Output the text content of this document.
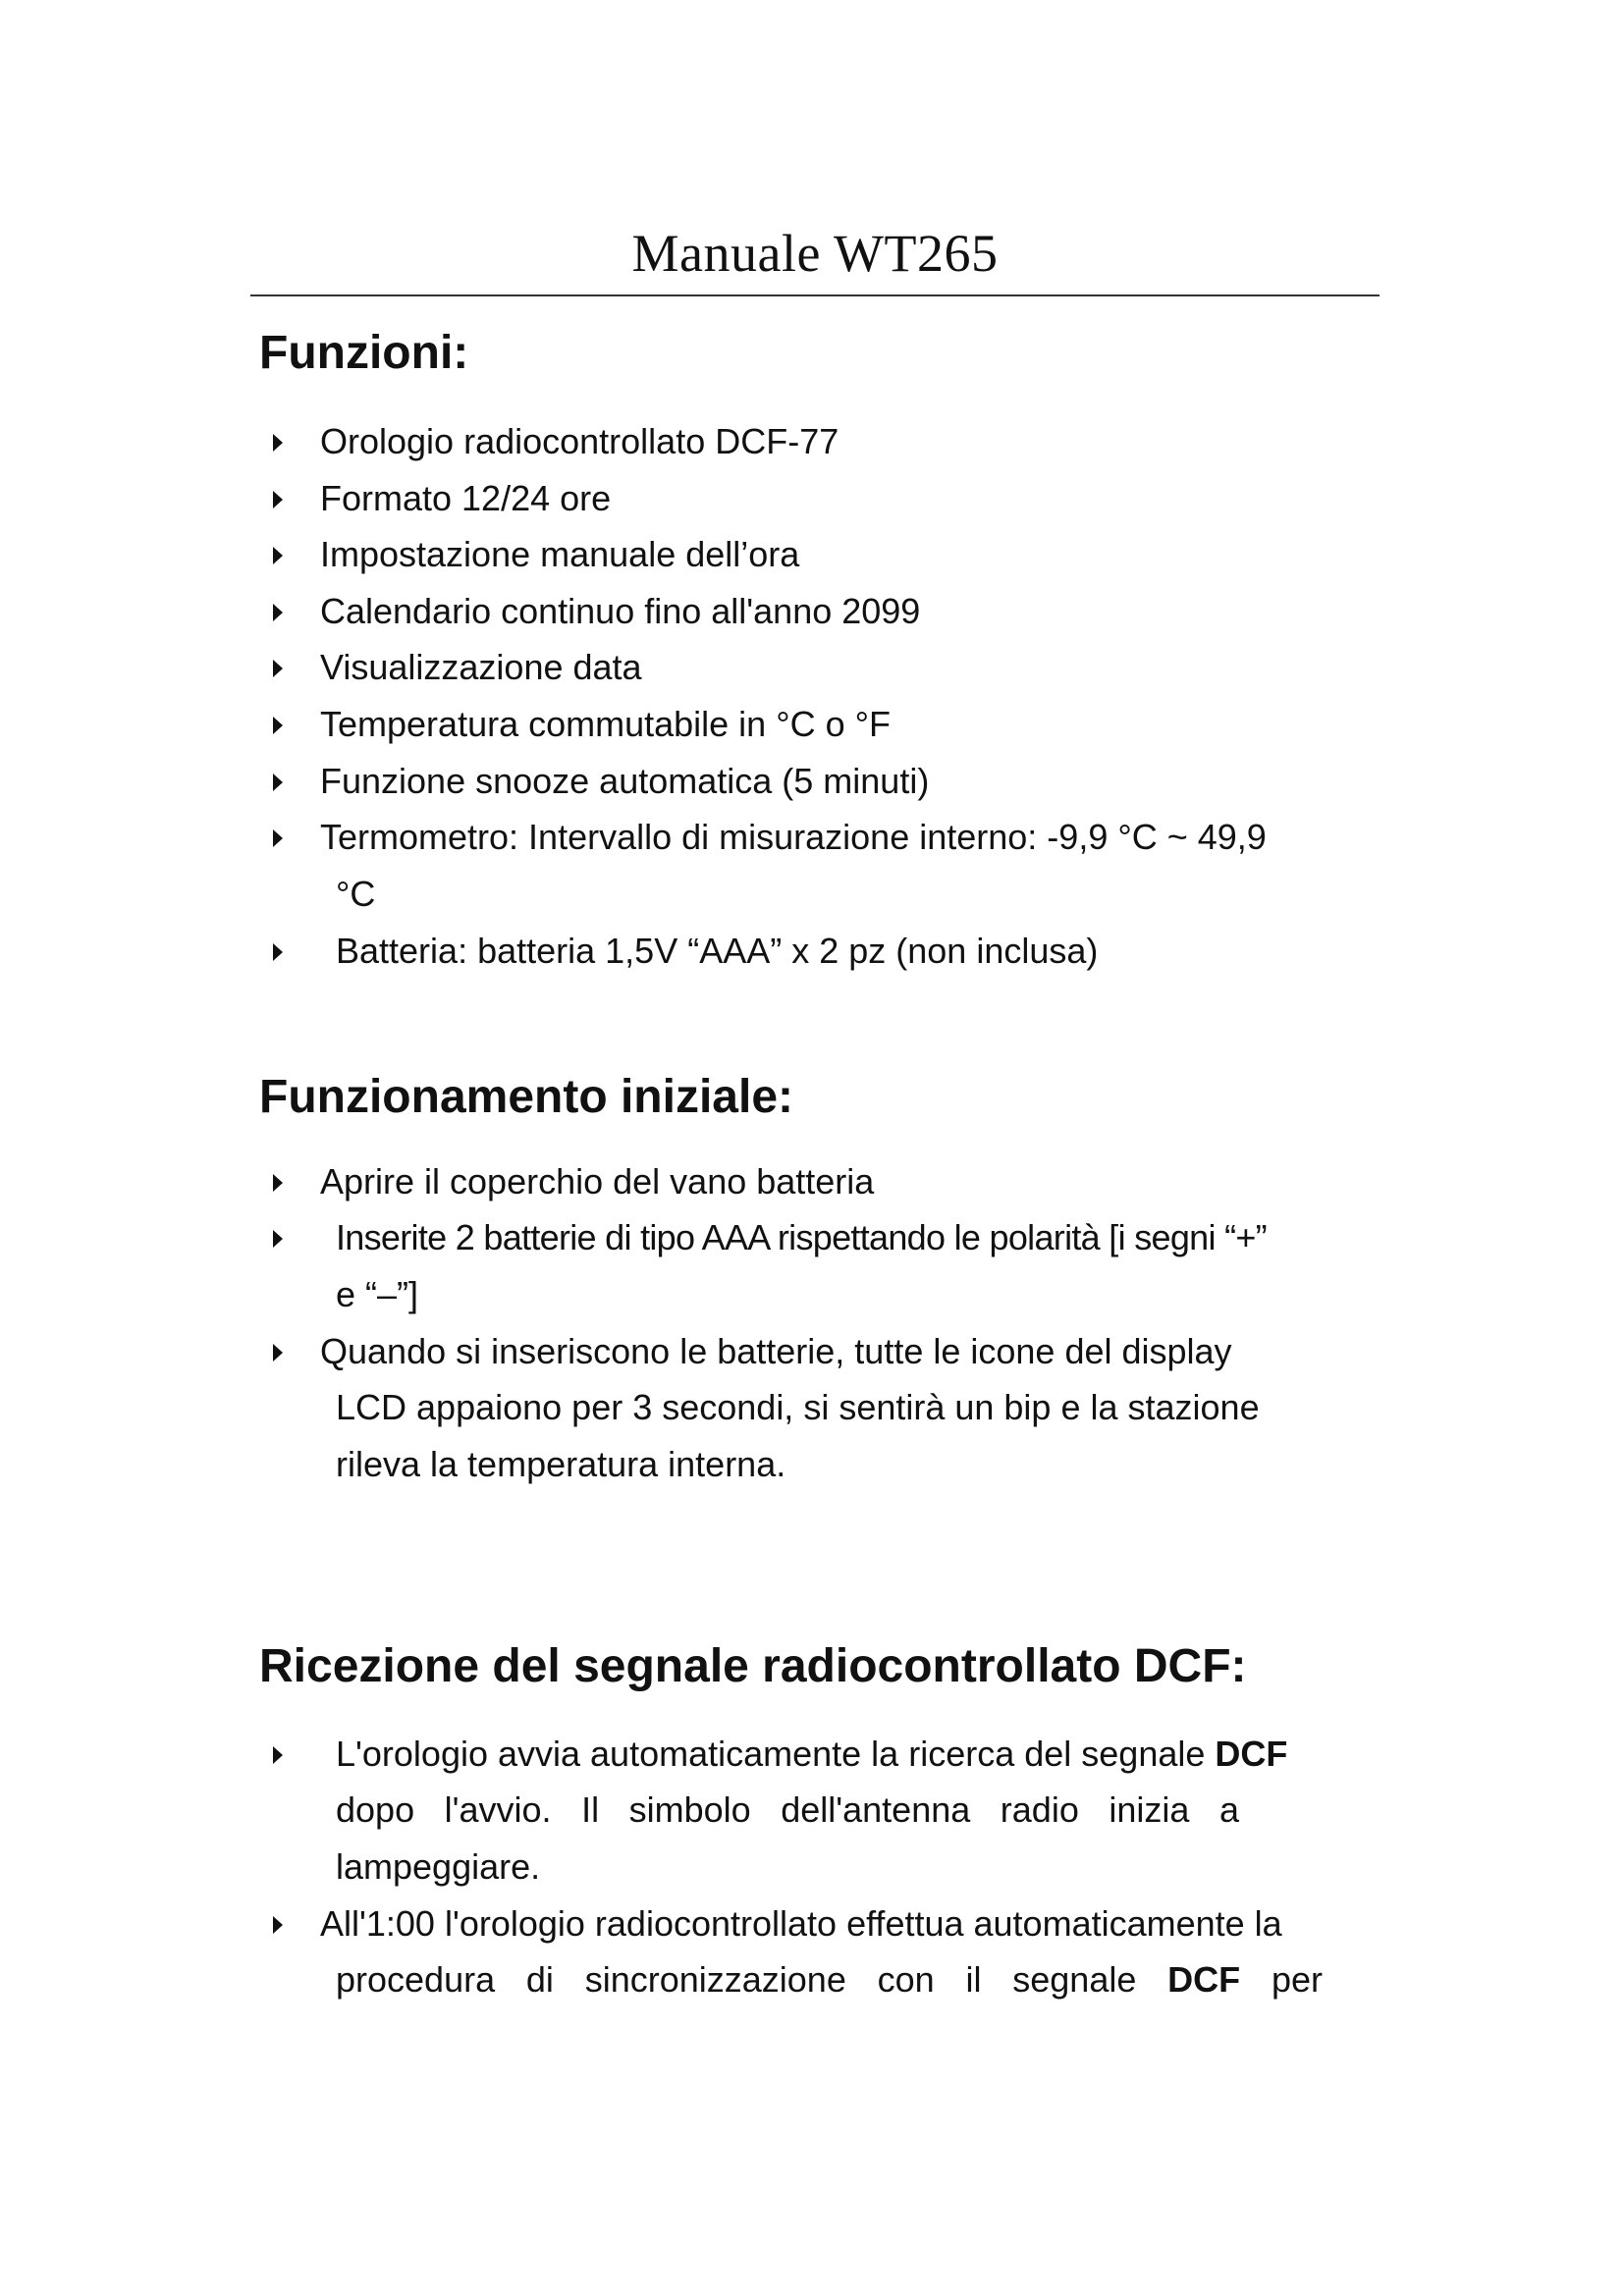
Manuale WT265
Funzioni:
Orologio radiocontrollato DCF-77
Formato 12/24 ore
Impostazione manuale dell’ora
Calendario continuo fino all'anno 2099
Visualizzazione data
Temperatura commutabile in °C o °F
Funzione snooze automatica (5 minuti)
Termometro: Intervallo di misurazione interno: -9,9 °C ~ 49,9
°C
Batteria: batteria 1,5V “AAA” x 2 pz (non inclusa)
Funzionamento iniziale:
Aprire il coperchio del vano batteria
Inserite 2 batterie di tipo AAA rispettando le polarità [i segni “+”
e “–”]
Quando si inseriscono le batterie, tutte le icone del display
LCD appaiono per 3 secondi, si sentirà un bip e la stazione
rileva la temperatura interna.
Ricezione del segnale radiocontrollato DCF:
L'orologio avvia automaticamente la ricerca del segnale DCF
dopo l'avvio. Il simbolo dell'antenna radio inizia a
lampeggiare.
All'1:00 l'orologio radiocontrollato effettua automaticamente la
procedura di sincronizzazione con il segnale DCF per
